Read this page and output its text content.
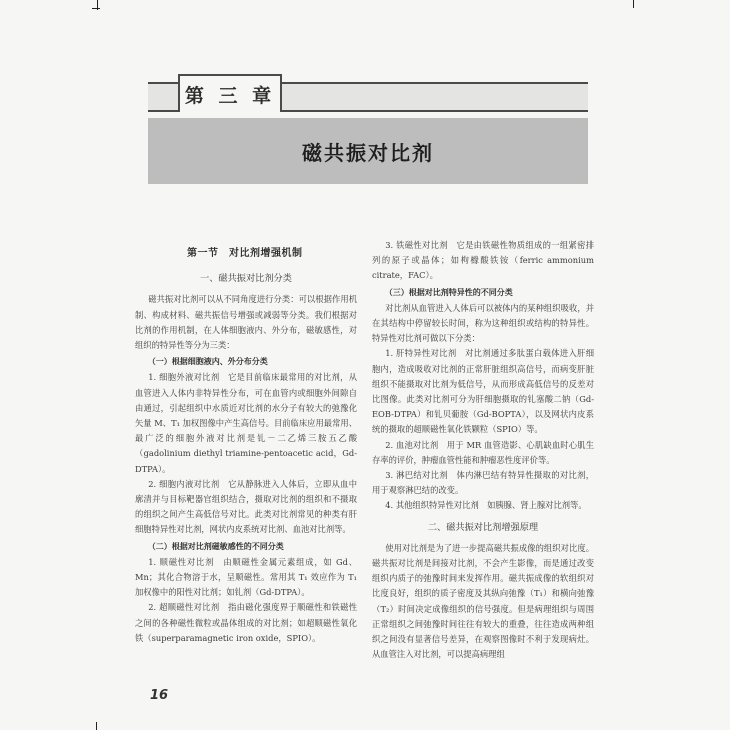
第 三 章
磁共振对比剂
第一节　对比剂增强机制
一、磁共振对比剂分类

磁共振对比剂可以从不同角度进行分类：可以根据作用机制、构成材料、磁共振信号增强或减弱等分类。我们根据对比剂的作用机制，在人体细胞液内、外分布，磁敏感性，对组织的特异性等分为三类：

（一）根据细胞液内、外分布分类

1. 细胞外液对比剂　它是目前临床最常用的对比剂，从血管进入人体内非特异性分布，可在血管内或细胞外间隙自由通过，引起组织中水质近对比剂的水分子有较大的弛豫化矢量 M、T₁ 加权图像中产生高信号。目前临床应用最常用、最广泛的细胞外液对比剂是钆－二乙烯三胺五乙酸（gadolinium diethyl triamine-pentoacetic acid，Gd-DTPA）。

2. 细胞内液对比剂　它从静脉进入人体后，立即从血中廓清并与目标靶器官组织结合，摄取对比剂的组织和不摄取的组织之间产生高低信号对比。此类对比剂常见的种类有肝细胞特异性对比剂，网状内皮系统对比剂、血池对比剂等。

（二）根据对比剂磁敏感性的不同分类

1. 顺磁性对比剂　由顺磁性金属元素组成，如 Gd、Mn；其化合物溶于水，呈顺磁性。常用其 T₁ 效应作为 T₁ 加权像中的阳性对比剂；如钆剂（Gd-DTPA）。

2. 超顺磁性对比剂　指由磁化强度界于顺磁性和铁磁性之间的各种磁性微粒或晶体组成的对比剂；如超顺磁性氧化铁（superparamagnetic iron oxide，SPIO）。

3. 铁磁性对比剂　它是由铁磁性物质组成的一组紧密排列的原子或晶体；如枸橼酸铁铵（ferric ammonium citrate，FAC）。

（三）根据对比剂特异性的不同分类

对比剂从血管进入人体后可以被体内的某种组织吸收，并在其结构中停留较长时间，称为这种组织或结构的特异性。特异性对比剂可做以下分类：

1. 肝特异性对比剂　对比剂通过多肽蛋白载体进入肝细胞内，造成吸收对比剂的正常肝脏组织高信号，而病变肝脏组织不能摄取对比剂为低信号，从而形成高低信号的反差对比图像。此类对比剂可分为肝细胞摄取的钆塞酸二钠（Gd-EOB-DTPA）和钆贝葡胺（Gd-BOPTA），以及网状内皮系统的摄取的超顺磁性氧化铁颗粒（SPIO）等。

2. 血池对比剂　用于 MR 血管造影、心肌缺血时心肌生存率的评价，肿瘤血管性能和肿瘤恶性度评价等。

3. 淋巴结对比剂　体内淋巴结有特异性摄取的对比剂，用于观察淋巴结的改变。

4. 其他组织特异性对比剂　如胰腺、肾上腺对比剂等。

二、磁共振对比剂增强原理

使用对比剂是为了进一步提高磁共振成像的组织对比度。磁共振对比剂是间接对比剂，不会产生影像，而是通过改变组织内质子的弛豫时间来发挥作用。磁共振成像的软组织对比度良好，组织的质子密度及其纵向弛豫（T₁）和横向弛豫（T₂）时间决定成像组织的信号强度。但是病理组织与周围正常组织之间弛豫时间往往有较大的重叠，往往造成两种组织之间没有显著信号差异，在观察图像时不利于发现病灶。从血管注入对比剂，可以提高病理组

16
